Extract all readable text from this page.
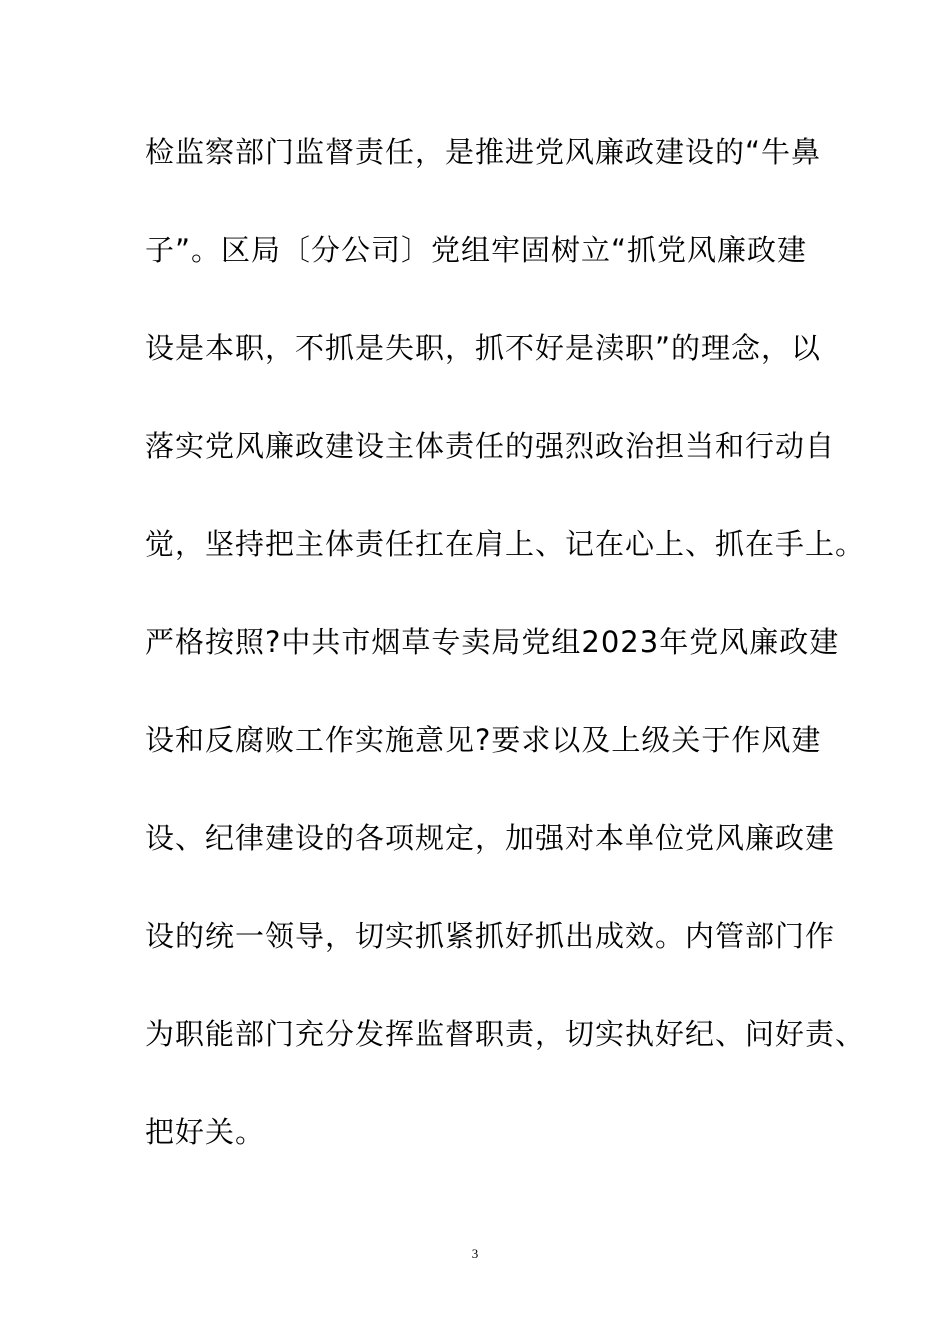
检监察部门监督责任，是推进党风廉政建设的“牛鼻
子”。区局〔分公司〕党组牢固树立“抓党风廉政建
设是本职，不抓是失职，抓不好是渎职”的理念，以
落实党风廉政建设主体责任的强烈政治担当和行动自
觉，坚持把主体责任扛在肩上、记在心上、抓在手上。
严格按照?中共市烟草专卖局党组2023年党风廉政建
设和反腐败工作实施意见?要求以及上级关于作风建
设、纪律建设的各项规定，加强对本单位党风廉政建
设的统一领导，切实抓紧抓好抓出成效。内管部门作
为职能部门充分发挥监督职责，切实执好纪、问好责、
把好关。
3
